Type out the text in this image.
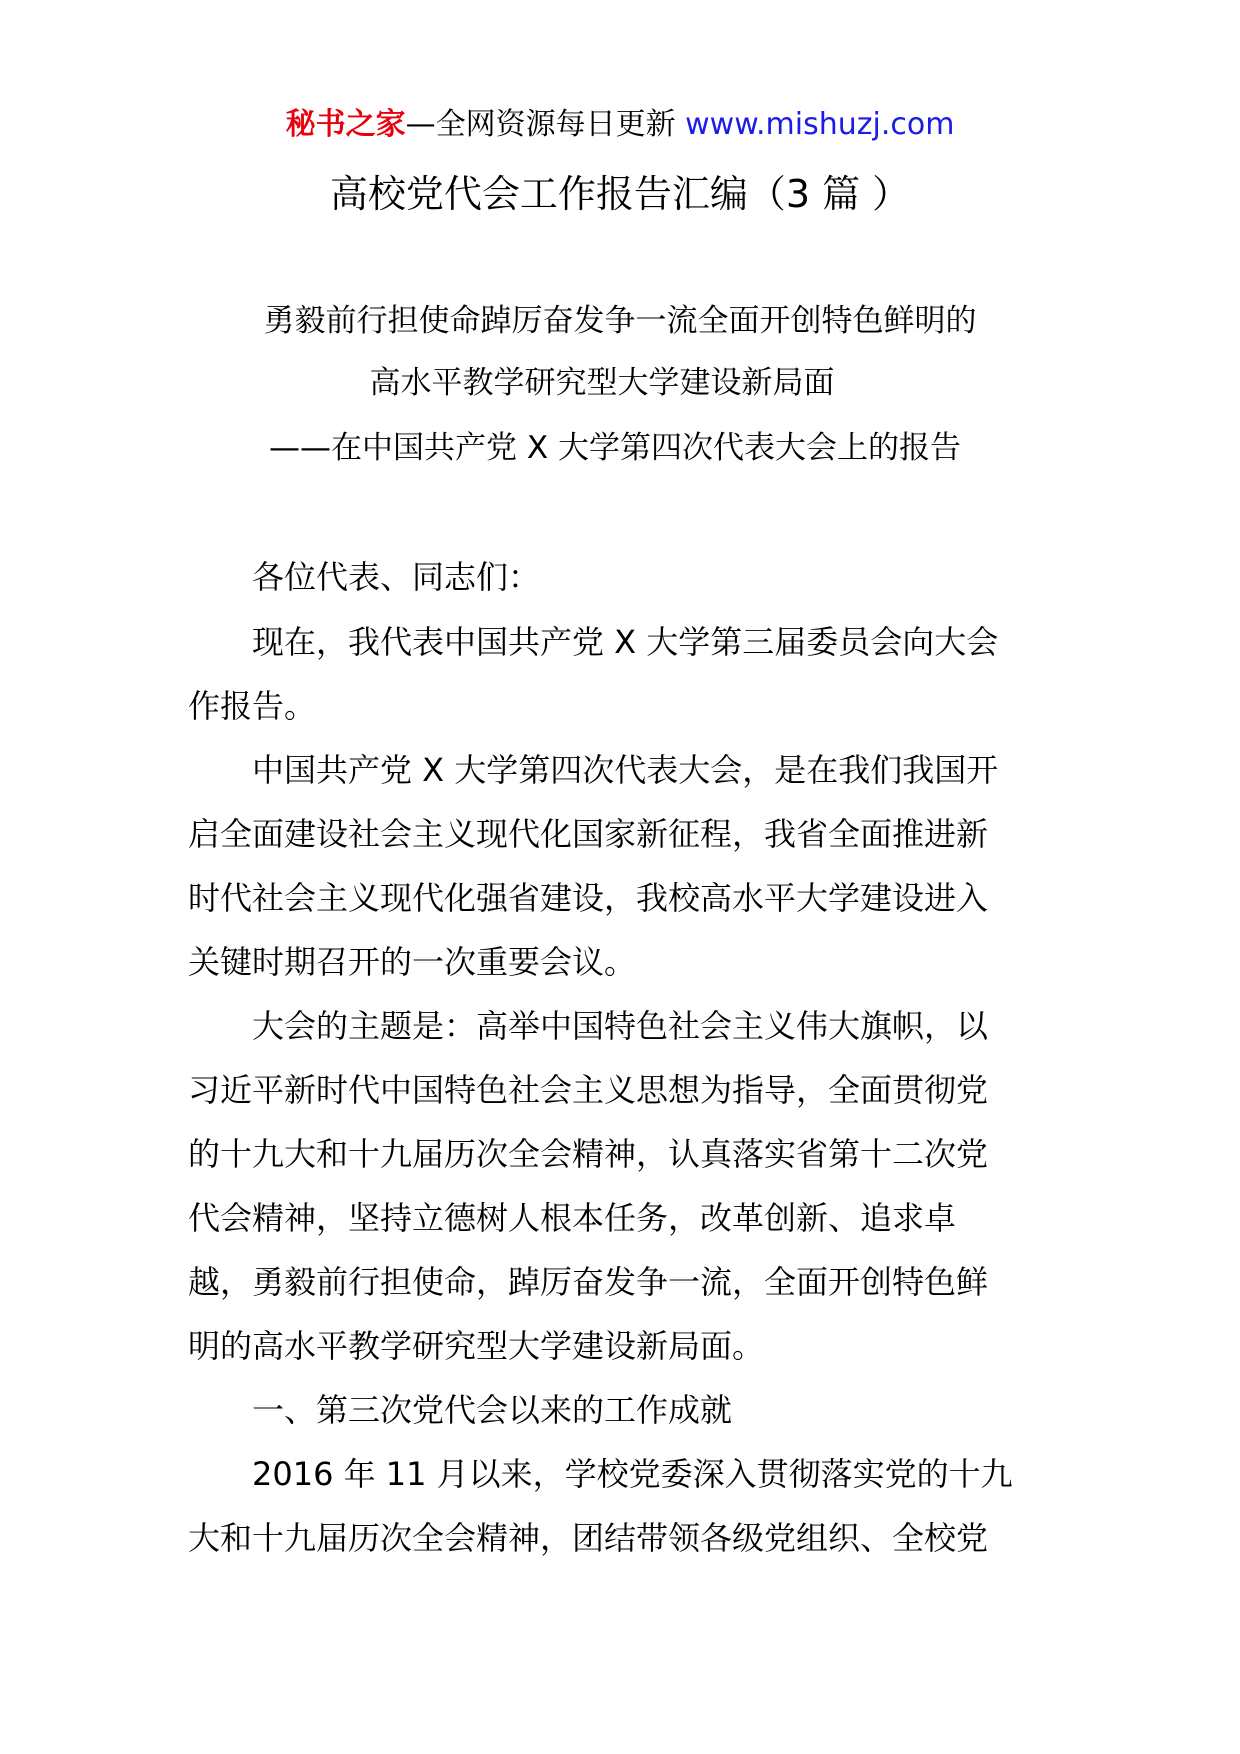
秘书之家—全网资源每日更新 www.mishuzj.com
高校党代会工作报告汇编（3 篇 ）
勇毅前行担使命踔厉奋发争一流全面开创特色鲜明的
高水平教学研究型大学建设新局面
——在中国共产党 X 大学第四次代表大会上的报告
各位代表、同志们：
现在，我代表中国共产党 X 大学第三届委员会向大会
作报告。
中国共产党 X 大学第四次代表大会，是在我们我国开
启全面建设社会主义现代化国家新征程，我省全面推进新
时代社会主义现代化强省建设，我校高水平大学建设进入
关键时期召开的一次重要会议。
大会的主题是：高举中国特色社会主义伟大旗帜，以
习近平新时代中国特色社会主义思想为指导，全面贯彻党
的十九大和十九届历次全会精神，认真落实省第十二次党
代会精神，坚持立德树人根本任务，改革创新、追求卓
越，勇毅前行担使命，踔厉奋发争一流，全面开创特色鲜
明的高水平教学研究型大学建设新局面。
一、第三次党代会以来的工作成就
2016 年 11 月以来，学校党委深入贯彻落实党的十九
大和十九届历次全会精神，团结带领各级党组织、全校党
